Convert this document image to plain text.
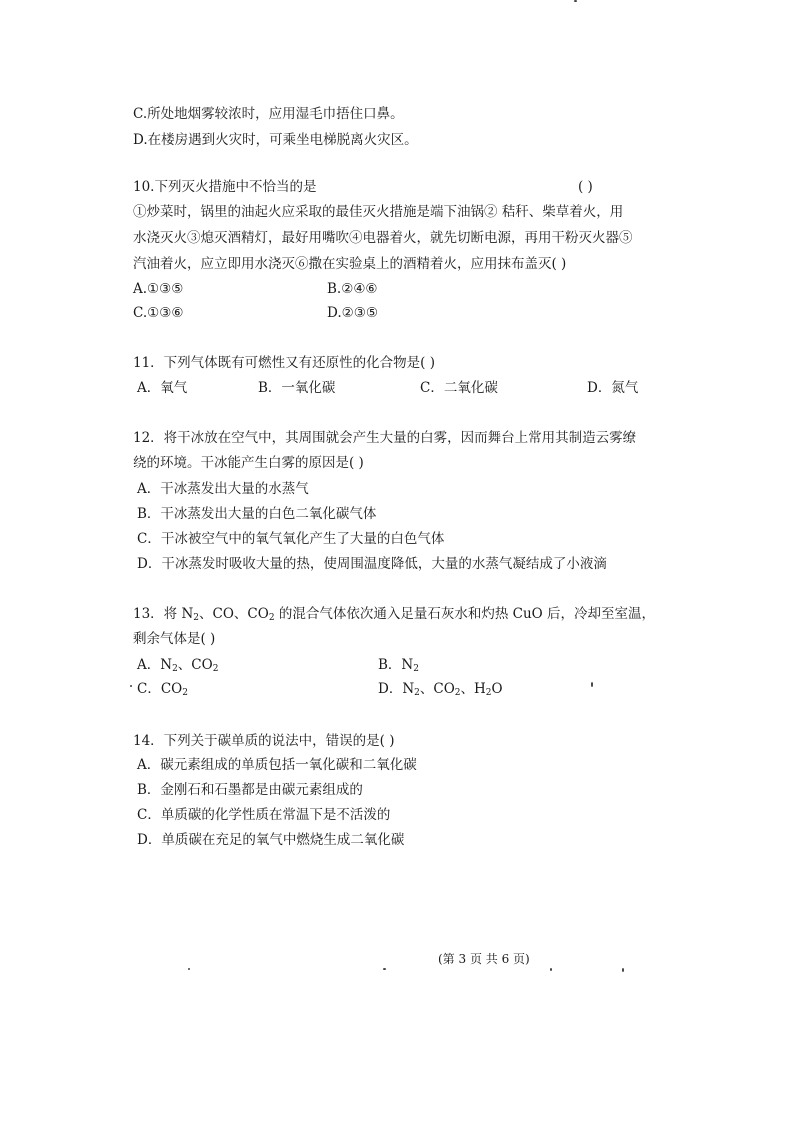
C.所处地烟雾较浓时，应用湿毛巾捂住口鼻。
D.在楼房遇到火灾时，可乘坐电梯脱离火灾区。
10.下列灭火措施中不恰当的是	( )
①炒菜时，锅里的油起火应采取的最佳灭火措施是端下油锅② 秸秆、柴草着火，用
水浇灭火③熄灭酒精灯，最好用嘴吹④电器着火，就先切断电源，再用干粉灭火器⑤
汽油着火，应立即用水浇灭⑥撒在实验桌上的酒精着火，应用抹布盖灭( )
A.①③⑤	B.②④⑥
C.①③⑥	D.②③⑤
11．下列气体既有可燃性又有还原性的化合物是( )
A．氧气	B．一氧化碳	C．二氧化碳	D．氮气
12．将干冰放在空气中，其周围就会产生大量的白雾，因而舞台上常用其制造云雾缭
绕的环境。干冰能产生白雾的原因是( )
A．干冰蒸发出大量的水蒸气
B．干冰蒸发出大量的白色二氧化碳气体
C．干冰被空气中的氧气氧化产生了大量的白色气体
D．干冰蒸发时吸收大量的热，使周围温度降低，大量的水蒸气凝结成了小液滴
13．将 $N_2$、CO、$CO_2$ 的混合气体依次通入足量石灰水和灼热 CuO 后，冷却至室温，
剩余气体是( )
A．$N_2$、$CO_2$	B．$N_2$
C．$CO_2$	D．$N_2$、$CO_2$、$H_2O$
14．下列关于碳单质的说法中，错误的是( )
A．碳元素组成的单质包括一氧化碳和二氧化碳
B．金刚石和石墨都是由碳元素组成的
C．单质碳的化学性质在常温下是不活泼的
D．单质碳在充足的氧气中燃烧生成二氧化碳
(第 3 页 共 6 页)
